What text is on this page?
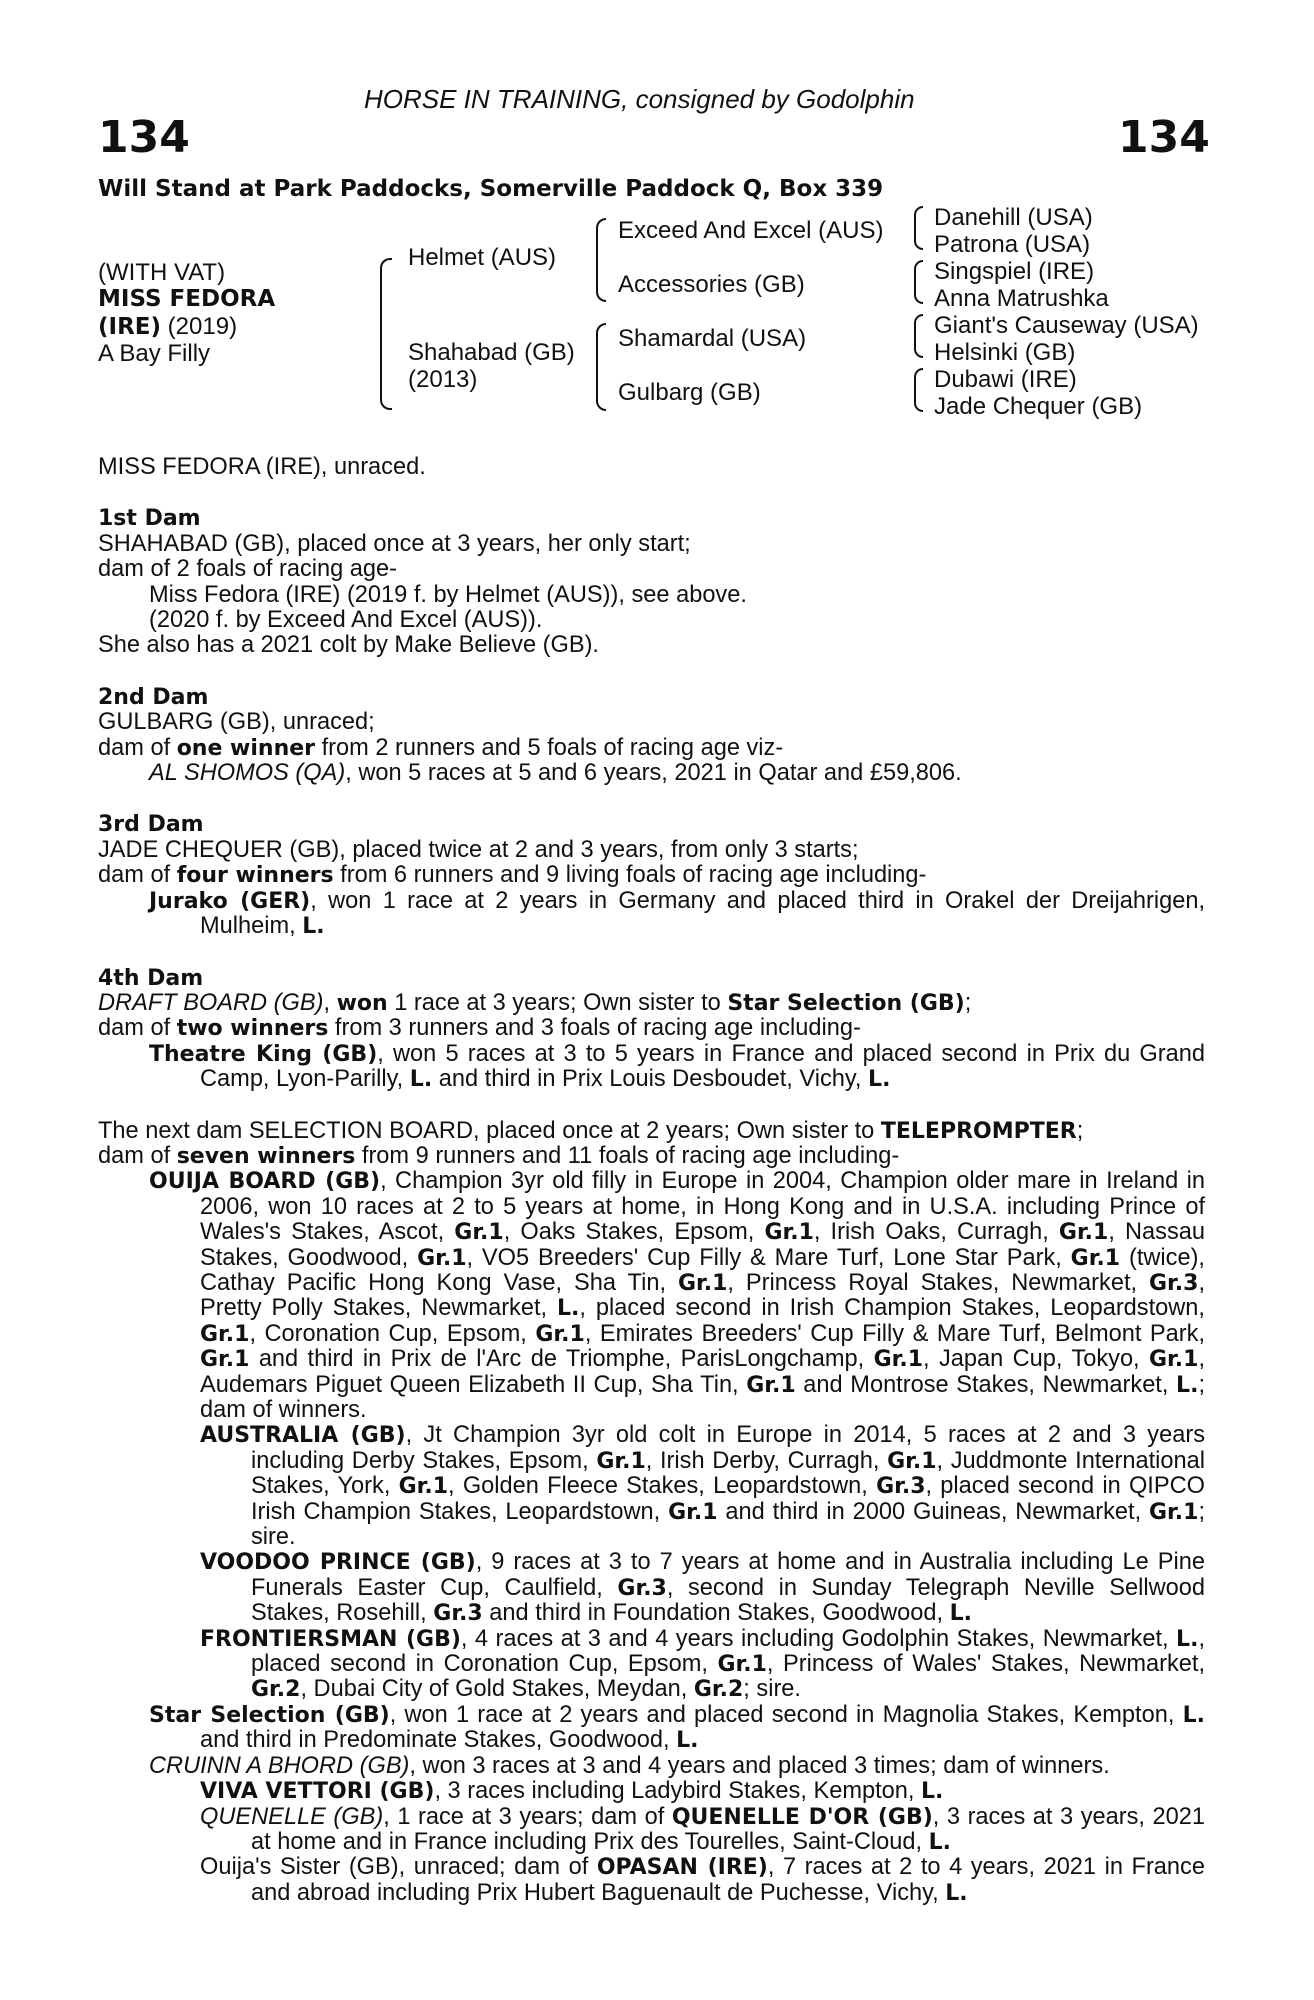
HORSE IN TRAINING, consigned by Godolphin
134	134
Will Stand at Park Paddocks, Somerville Paddock Q, Box 339
(WITH VAT)
MISS FEDORA
(IRE) (2019)
A Bay Filly
Helmet (AUS)
Shahabad (GB)
(2013)
Exceed And Excel (AUS)
Accessories (GB)
Shamardal (USA)
Gulbarg (GB)
Danehill (USA)
Patrona (USA)
Singspiel (IRE)
Anna Matrushka
Giant's Causeway (USA)
Helsinki (GB)
Dubawi (IRE)
Jade Chequer (GB)

MISS FEDORA (IRE), unraced.

1st Dam

SHAHABAD (GB), placed once at 3 years, her only start;

dam of 2 foals of racing age-

Miss Fedora (IRE) (2019 f. by Helmet (AUS)), see above.

(2020 f. by Exceed And Excel (AUS)).

She also has a 2021 colt by Make Believe (GB).

2nd Dam

GULBARG (GB), unraced;

dam of one winner from 2 runners and 5 foals of racing age viz-

AL SHOMOS (QA), won 5 races at 5 and 6 years, 2021 in Qatar and £59,806.

3rd Dam

JADE CHEQUER (GB), placed twice at 2 and 3 years, from only 3 starts;

dam of four winners from 6 runners and 9 living foals of racing age including-

Jurako (GER), won 1 race at 2 years in Germany and placed third in Orakel der Dreijahrigen, Mulheim, L.

4th Dam

DRAFT BOARD (GB), won 1 race at 3 years; Own sister to Star Selection (GB);

dam of two winners from 3 runners and 3 foals of racing age including-

Theatre King (GB), won 5 races at 3 to 5 years in France and placed second in Prix du Grand Camp, Lyon-Parilly, L. and third in Prix Louis Desboudet, Vichy, L.

The next dam SELECTION BOARD, placed once at 2 years; Own sister to TELEPROMPTER;

dam of seven winners from 9 runners and 11 foals of racing age including-

OUIJA BOARD (GB), Champion 3yr old filly in Europe in 2004, Champion older mare in Ireland in 2006, won 10 races at 2 to 5 years at home, in Hong Kong and in U.S.A. including Prince of Wales's Stakes, Ascot, Gr.1, Oaks Stakes, Epsom, Gr.1, Irish Oaks, Curragh, Gr.1, Nassau Stakes, Goodwood, Gr.1, VO5 Breeders' Cup Filly & Mare Turf, Lone Star Park, Gr.1 (twice), Cathay Pacific Hong Kong Vase, Sha Tin, Gr.1, Princess Royal Stakes, Newmarket, Gr.3, Pretty Polly Stakes, Newmarket, L., placed second in Irish Champion Stakes, Leopardstown, Gr.1, Coronation Cup, Epsom, Gr.1, Emirates Breeders' Cup Filly & Mare Turf, Belmont Park, Gr.1 and third in Prix de l'Arc de Triomphe, ParisLongchamp, Gr.1, Japan Cup, Tokyo, Gr.1, Audemars Piguet Queen Elizabeth II Cup, Sha Tin, Gr.1 and Montrose Stakes, Newmarket, L.; dam of winners.

AUSTRALIA (GB), Jt Champion 3yr old colt in Europe in 2014, 5 races at 2 and 3 years including Derby Stakes, Epsom, Gr.1, Irish Derby, Curragh, Gr.1, Juddmonte International Stakes, York, Gr.1, Golden Fleece Stakes, Leopardstown, Gr.3, placed second in QIPCO Irish Champion Stakes, Leopardstown, Gr.1 and third in 2000 Guineas, Newmarket, Gr.1; sire.

VOODOO PRINCE (GB), 9 races at 3 to 7 years at home and in Australia including Le Pine Funerals Easter Cup, Caulfield, Gr.3, second in Sunday Telegraph Neville Sellwood Stakes, Rosehill, Gr.3 and third in Foundation Stakes, Goodwood, L.

FRONTIERSMAN (GB), 4 races at 3 and 4 years including Godolphin Stakes, Newmarket, L., placed second in Coronation Cup, Epsom, Gr.1, Princess of Wales' Stakes, Newmarket, Gr.2, Dubai City of Gold Stakes, Meydan, Gr.2; sire.

Star Selection (GB), won 1 race at 2 years and placed second in Magnolia Stakes, Kempton, L. and third in Predominate Stakes, Goodwood, L.

CRUINN A BHORD (GB), won 3 races at 3 and 4 years and placed 3 times; dam of winners.

VIVA VETTORI (GB), 3 races including Ladybird Stakes, Kempton, L.

QUENELLE (GB), 1 race at 3 years; dam of QUENELLE D'OR (GB), 3 races at 3 years, 2021 at home and in France including Prix des Tourelles, Saint-Cloud, L.

Ouija's Sister (GB), unraced; dam of OPASAN (IRE), 7 races at 2 to 4 years, 2021 in France and abroad including Prix Hubert Baguenault de Puchesse, Vichy, L.
